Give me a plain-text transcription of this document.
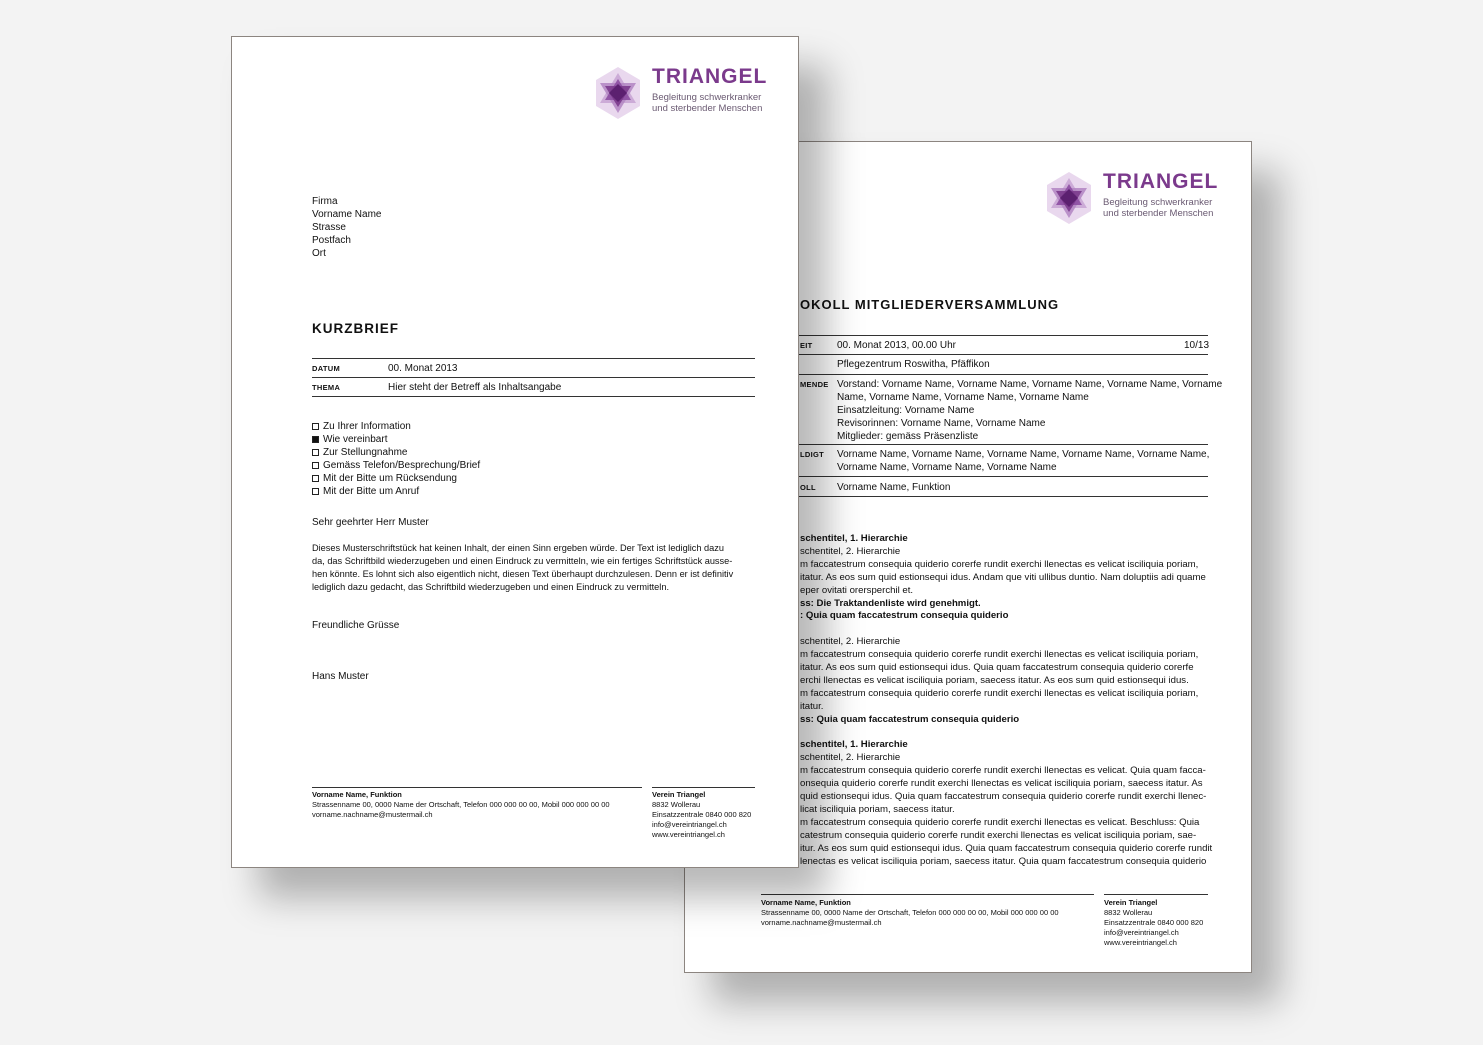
TRIANGEL
Begleitung schwerkranker
und sterbender Menschen
Firma
Vorname Name
Strasse
Postfach
Ort
KURZBRIEF
DATUM	00. Monat 2013
THEMA	Hier steht der Betreff als Inhaltsangabe
Zu Ihrer Information
Wie vereinbart
Zur Stellungnahme
Gemäss Telefon/Besprechung/Brief
Mit der Bitte um Rücksendung
Mit der Bitte um Anruf
Sehr geehrter Herr Muster
Dieses Musterschriftstück hat keinen Inhalt, der einen Sinn ergeben würde. Der Text ist lediglich dazu
da, das Schriftbild wiederzugeben und einen Eindruck zu vermitteln, wie ein fertiges Schriftstück ausse-
hen könnte. Es lohnt sich also eigentlich nicht, diesen Text überhaupt durchzulesen. Denn er ist definitiv
lediglich dazu gedacht, das Schriftbild wiederzugeben und einen Eindruck zu vermitteln.
Freundliche Grüsse
Hans Muster
Vorname Name, Funktion
Strassenname 00, 0000 Name der Ortschaft, Telefon 000 000 00 00, Mobil 000 000 00 00
vorname.nachname@mustermail.ch
Verein Triangel
8832 Wollerau
Einsatzzentrale 0840 000 820
info@vereintriangel.ch
www.vereintriangel.ch
TRIANGEL
Begleitung schwerkranker
und sterbender Menschen
OKOLL MITGLIEDERVERSAMMLUNG
EIT 00. Monat 2013, 00.00 Uhr	10/13
Pflegezentrum Roswitha, Pfäffikon
MENDE Vorstand: Vorname Name, Vorname Name, Vorname Name, Vorname Name, Vorname
Name, Vorname Name, Vorname Name, Vorname Name
Einsatzleitung: Vorname Name
Revisorinnen: Vorname Name, Vorname Name
Mitglieder: gemäss Präsenzliste
LDIGT Vorname Name, Vorname Name, Vorname Name, Vorname Name, Vorname Name,
Vorname Name, Vorname Name, Vorname Name
OLL Vorname Name, Funktion
schentitel, 1. Hierarchie
schentitel, 2. Hierarchie
m faccatestrum consequia quiderio corerfe rundit exerchi llenectas es velicat isciliquia poriam,
itatur. As eos sum quid estionsequi idus. Andam que viti ullibus duntio. Nam doluptiis adi quame
eper ovitati orersperchil et.
ss: Die Traktandenliste wird genehmigt.
: Quia quam faccatestrum consequia quiderio
schentitel, 2. Hierarchie
m faccatestrum consequia quiderio corerfe rundit exerchi llenectas es velicat isciliquia poriam,
itatur. As eos sum quid estionsequi idus. Quia quam faccatestrum consequia quiderio corerfe
erchi llenectas es velicat isciliquia poriam, saecess itatur. As eos sum quid estionsequi idus.
m faccatestrum consequia quiderio corerfe rundit exerchi llenectas es velicat isciliquia poriam,
itatur.
ss: Quia quam faccatestrum consequia quiderio
schentitel, 1. Hierarchie
schentitel, 2. Hierarchie
m faccatestrum consequia quiderio corerfe rundit exerchi llenectas es velicat. Quia quam facca-
onsequia quiderio corerfe rundit exerchi llenectas es velicat isciliquia poriam, saecess itatur. As
quid estionsequi idus. Quia quam faccatestrum consequia quiderio corerfe rundit exerchi llenec-
licat isciliquia poriam, saecess itatur.
m faccatestrum consequia quiderio corerfe rundit exerchi llenectas es velicat. Beschluss: Quia
catestrum consequia quiderio corerfe rundit exerchi llenectas es velicat isciliquia poriam, sae-
itur. As eos sum quid estionsequi idus. Quia quam faccatestrum consequia quiderio corerfe rundit
lenectas es velicat isciliquia poriam, saecess itatur. Quia quam faccatestrum consequia quiderio
Vorname Name, Funktion
Strassenname 00, 0000 Name der Ortschaft, Telefon 000 000 00 00, Mobil 000 000 00 00
vorname.nachname@mustermail.ch
Verein Triangel
8832 Wollerau
Einsatzzentrale 0840 000 820
info@vereintriangel.ch
www.vereintriangel.ch
